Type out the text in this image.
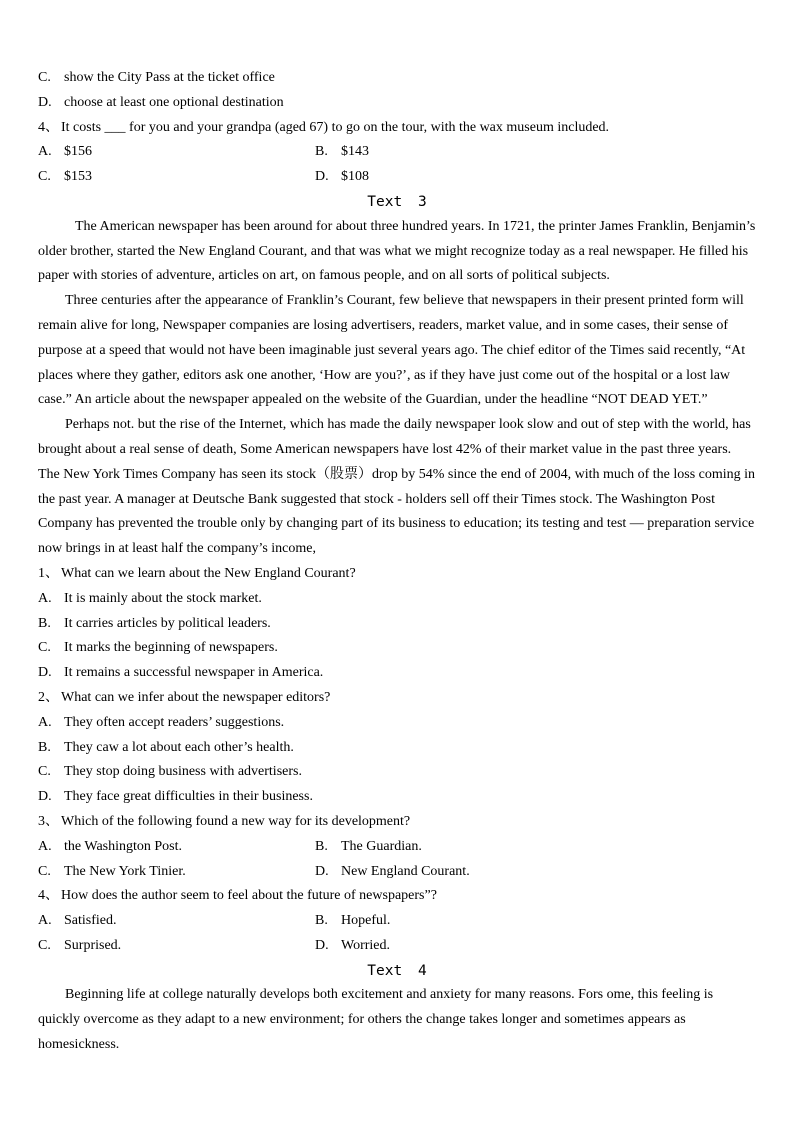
C. show the City Pass at the ticket office
D. choose at least one optional destination
4、 It costs ___ for you and your grandpa (aged 67) to go on the tour, with the wax museum included.
A. $156	B. $143
C. $153	D. $108
Text 3
The American newspaper has been around for about three hundred years. In 1721, the printer James Franklin, Benjamin’s older brother, started the New England Courant, and that was what we might recognize today as a real newspaper. He filled his paper with stories of adventure, articles on art, on famous people, and on all sorts of political subjects.
Three centuries after the appearance of Franklin’s Courant, few believe that newspapers in their present printed form will remain alive for long, Newspaper companies are losing advertisers, readers, market value, and in some cases, their sense of purpose at a speed that would not have been imaginable just several years ago. The chief editor of the Times said recently, “At places where they gather, editors ask one another, ‘How are you?’, as if they have just come out of the hospital or a lost law case.” An article about the newspaper appealed on the website of the Guardian, under the headline “NOT DEAD YET.”
Perhaps not. but the rise of the Internet, which has made the daily newspaper look slow and out of step with the world, has brought about a real sense of death, Some American newspapers have lost 42% of their market value in the past three years. The New York Times Company has seen its stock（股票）drop by 54% since the end of 2004, with much of the loss coming in the past year. A manager at Deutsche Bank suggested that stock - holders sell off their Times stock. The Washington Post Company has prevented the trouble only by changing part of its business to education; its testing and test — preparation service now brings in at least half the company’s income,
1、 What can we learn about the New England Courant?
A. It is mainly about the stock market.
B. It carries articles by political leaders.
C. It marks the beginning of newspapers.
D. It remains a successful newspaper in America.
2、 What can we infer about the newspaper editors?
A. They often accept readers’ suggestions.
B. They caw a lot about each other’s health.
C. They stop doing business with advertisers.
D. They face great difficulties in their business.
3、 Which of the following found a new way for its development?
A. the Washington Post.	B. The Guardian.
C. The New York Tinier.	D. New England Courant.
4、 How does the author seem to feel about the future of newspapers”?
A. Satisfied.	B. Hopeful.
C. Surprised.	D. Worried.
Text 4
Beginning life at college naturally develops both excitement and anxiety for many reasons. Fors ome, this feeling is quickly overcome as they adapt to a new environment; for others the change takes longer and sometimes appears as homesickness.
